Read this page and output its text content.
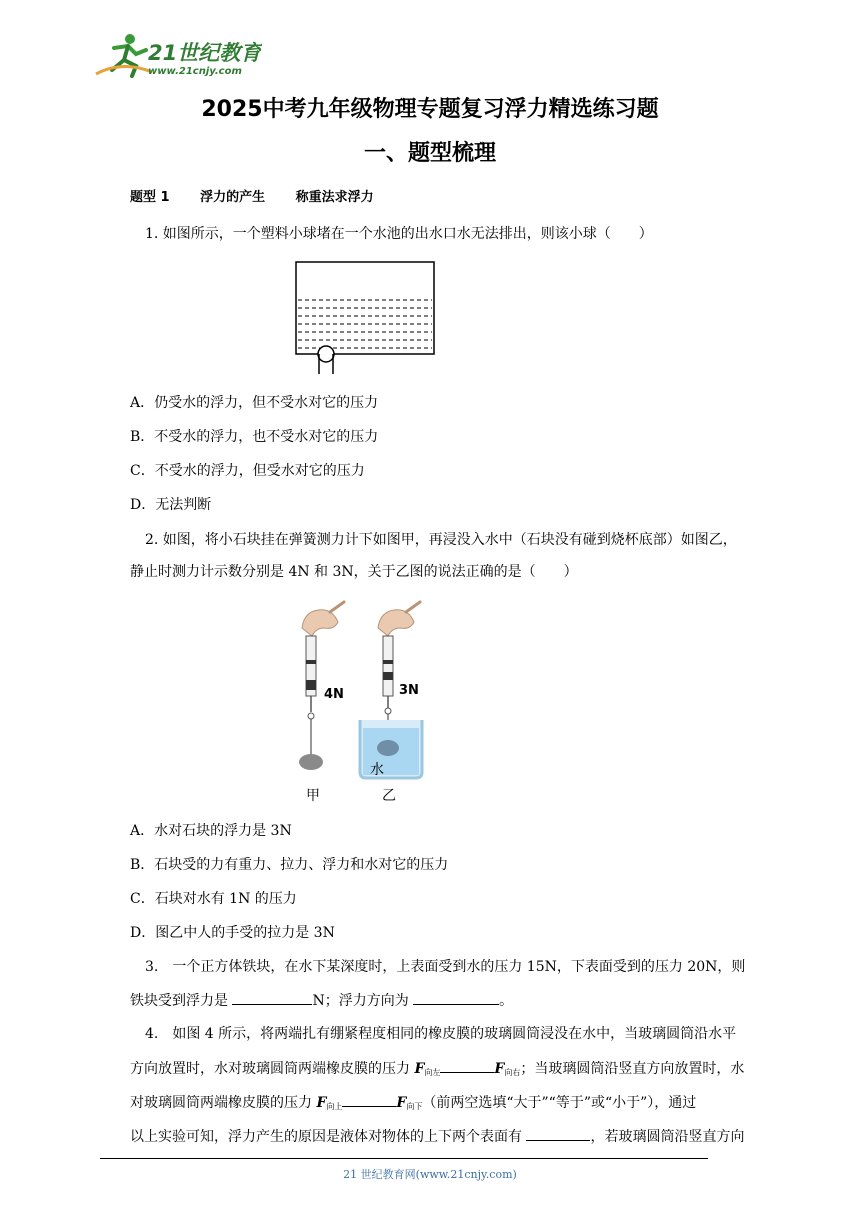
21世纪教育
www.21cnjy.com
2025中考九年级物理专题复习浮力精选练习题
一、题型梳理
题型 1 浮力的产生 称重法求浮力
1. 如图所示，一个塑料小球堵在一个水池的出水口水无法排出，则该小球（　　）
A．仍受水的浮力，但不受水对它的压力
B．不受水的浮力，也不受水对它的压力
C．不受水的浮力，但受水对它的压力
D．无法判断
2. 如图，将小石块挂在弹簧测力计下如图甲，再浸没入水中（石块没有碰到烧杯底部）如图乙，
静止时测力计示数分别是 4N 和 3N，关于乙图的说法正确的是（　　）
4N
甲
3N
水
乙
A．水对石块的浮力是 3N
B．石块受的力有重力、拉力、浮力和水对它的压力
C．石块对水有 1N 的压力
D．图乙中人的手受的拉力是 3N
3.　一个正方体铁块，在水下某深度时，上表面受到水的压力 15N，下表面受到的压力 20N，则
铁块受到浮力是	N；浮力方向为	。
4.　如图 4 所示，将两端扎有绷紧程度相同的橡皮膜的玻璃圆筒浸没在水中，当玻璃圆筒沿水平
方向放置时，水对玻璃圆筒两端橡皮膜的压力 $F_{向左}$	$F_{向右}$；当玻璃圆筒沿竖直方向放置时，水
对玻璃圆筒两端橡皮膜的压力 $F_{向上}$	$F_{向下}$（前两空选填“大于”“等于”或“小于”），通过
以上实验可知，浮力产生的原因是液体对物体的上下两个表面有	，若玻璃圆筒沿竖直方向
21 世纪教育网(www.21cnjy.com)
